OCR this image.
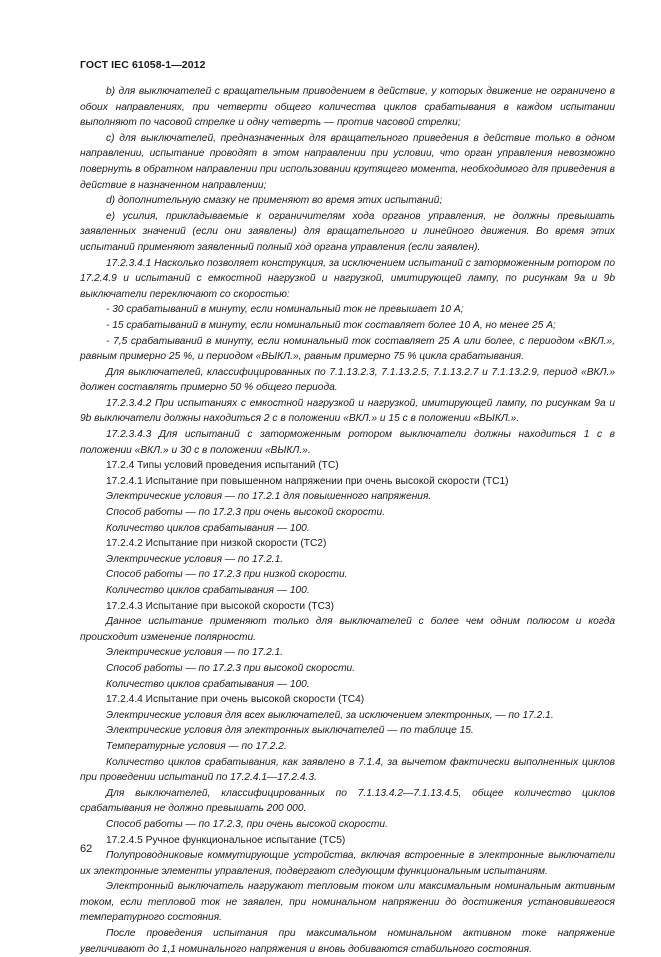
ГОСТ IEC 61058-1—2012

b) для выключателей с вращательным приводением в действие, у которых движение не ограничено в обоих направлениях, при четверти общего количества циклов срабатывания в каждом испытании выполняют по часовой стрелке и одну четверть — против часовой стрелки;

c) для выключателей, предназначенных для вращательного приведения в действие только в одном направлении, испытание проводят в этом направлении при условии, что орган управления невозможно повернуть в обратном направлении при использовании крутящего момента, необходимого для приведения в действие в назначенном направлении;

d) дополнительную смазку не применяют во время этих испытаний;

e) усилия, прикладываемые к ограничителям хода органов управления, не должны превышать заявленных значений (если они заявлены) для вращательного и линейного движения. Во время этих испытаний применяют заявленный полный ход органа управления (если заявлен).

17.2.3.4.1 Насколько позволяет конструкция, за исключением испытаний с заторможенным ротором по 17.2.4.9 и испытаний с емкостной нагрузкой и нагрузкой, имитирующей лампу, по рисункам 9a и 9b выключатели переключают со скоростью:

- 30 срабатываний в минуту, если номинальный ток не превышает 10 А;

- 15 срабатываний в минуту, если номинальный ток составляет более 10 А, но менее 25 А;

- 7,5 срабатываний в минуту, если номинальный ток составляет 25 А или более, с периодом «ВКЛ.», равным примерно 25 %, и периодом «ВЫКЛ.», равным примерно 75 % цикла срабатывания.

Для выключателей, классифицированных по 7.1.13.2.3, 7.1.13.2.5, 7.1.13.2.7 и 7.1.13.2.9, период «ВКЛ.» должен составлять примерно 50 % общего периода.

17.2.3.4.2 При испытаниях с емкостной нагрузкой и нагрузкой, имитирующей лампу, по рисункам 9a и 9b выключатели должны находиться 2 с в положении «ВКЛ.» и 15 с в положении «ВЫКЛ.».

17.2.3.4.3 Для испытаний с заторможенным ротором выключатели должны находиться 1 с в положении «ВКЛ.» и 30 с в положении «ВЫКЛ.».

17.2.4 Типы условий проведения испытаний (TC)

17.2.4.1 Испытание при повышенном напряжении при очень высокой скорости (TC1)

Электрические условия — по 17.2.1 для повышенного напряжения.

Способ работы — по 17.2.3 при очень высокой скорости.

Количество циклов срабатывания — 100.

17.2.4.2 Испытание при низкой скорости (TC2)

Электрические условия — по 17.2.1.

Способ работы — по 17.2.3 при низкой скорости.

Количество циклов срабатывания — 100.

17.2.4.3 Испытание при высокой скорости (TC3)

Данное испытание применяют только для выключателей с более чем одним полюсом и когда происходит изменение полярности.

Электрические условия — по 17.2.1.

Способ работы — по 17.2.3 при высокой скорости.

Количество циклов срабатывания — 100.

17.2.4.4 Испытание при очень высокой скорости (TC4)

Электрические условия для всех выключателей, за исключением электронных, — по 17.2.1.

Электрические условия для электронных выключателей — по таблице 15.

Температурные условия — по 17.2.2.

Количество циклов срабатывания, как заявлено в 7.1.4, за вычетом фактически выполненных циклов при проведении испытаний по 17.2.4.1—17.2.4.3.

Для выключателей, классифицированных по 7.1.13.4.2—7.1.13.4.5, общее количество циклов срабатывания не должно превышать 200 000.

Способ работы — по 17.2.3, при очень высокой скорости.

17.2.4.5 Ручное функциональное испытание (TC5)

Полупроводниковые коммутирующие устройства, включая встроенные в электронные выключатели их электронные элементы управления, подвергают следующим функциональным испытаниям.

Электронный выключатель нагружают тепловым током или максимальным номинальным активным током, если тепловой ток не заявлен, при номинальном напряжении до достижения установившегося температурного состояния.

После проведения испытания при максимальном номинальном активном токе напряжение увеличивают до 1,1 номинального напряжения и вновь добиваются стабильного состояния.

62
